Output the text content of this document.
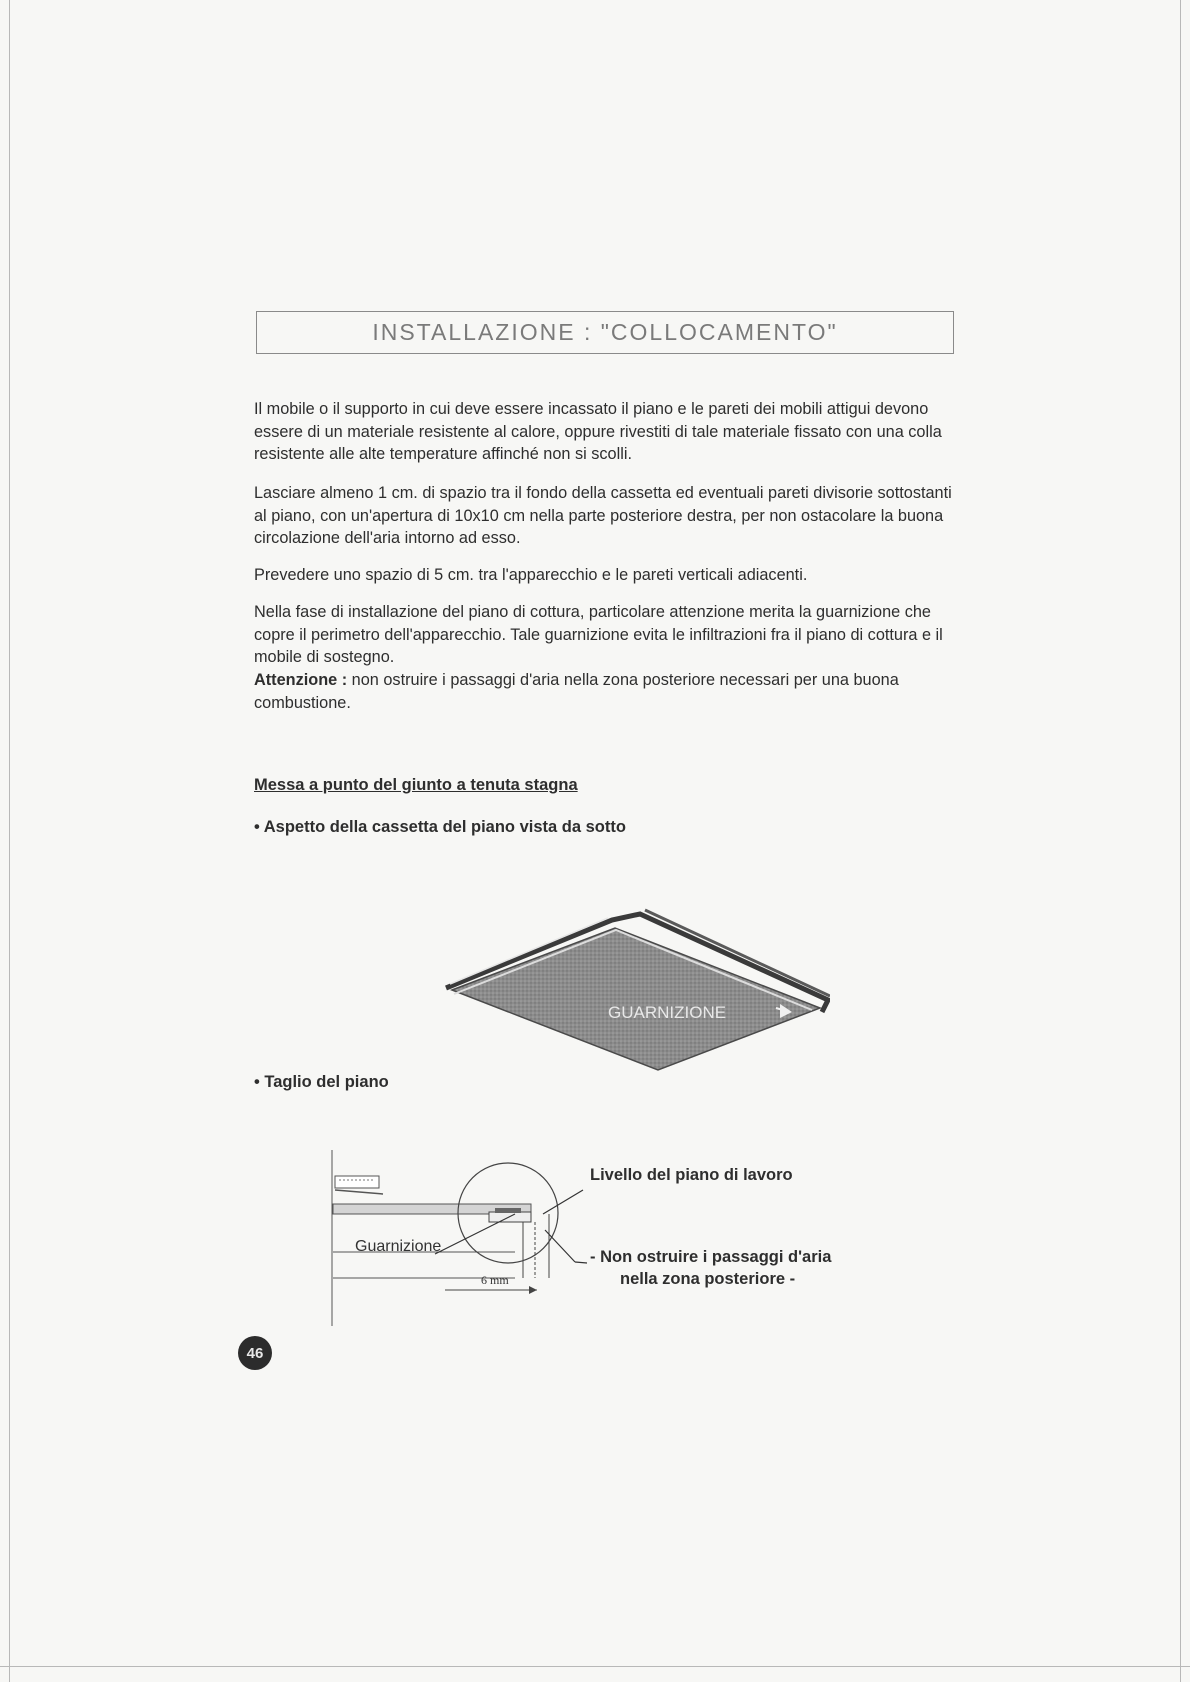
INSTALLAZIONE : "COLLOCAMENTO"

Il mobile o il supporto in cui deve essere incassato il piano e le pareti dei mobili attigui devono essere di un materiale resistente al calore, oppure rivestiti di tale materiale fissato con una colla resistente alle alte temperature affinché non si scolli.

Lasciare almeno 1 cm. di spazio tra il fondo della cassetta ed eventuali pareti divisorie sottostanti al piano, con un'apertura di 10x10 cm nella parte posteriore destra, per non ostacolare la buona circolazione dell'aria intorno ad esso.

Prevedere uno spazio di 5 cm. tra l'apparecchio e le pareti verticali adiacenti.

Nella fase di installazione del piano di cottura, particolare attenzione merita la guarnizione che copre il perimetro dell'apparecchio. Tale guarnizione evita le infiltrazioni fra il piano di cottura e il mobile di sostegno.

Attenzione : non ostruire i passaggi d'aria nella zona posteriore necessari per una buona combustione.

Messa a punto del giunto a tenuta stagna
• Aspetto della cassetta del piano vista da sotto
GUARNIZIONE
• Taglio del piano
6 mm
Guarnizione
Livello del piano di lavoro
- Non ostruire i passaggi d'aria
nella zona posteriore -
46
